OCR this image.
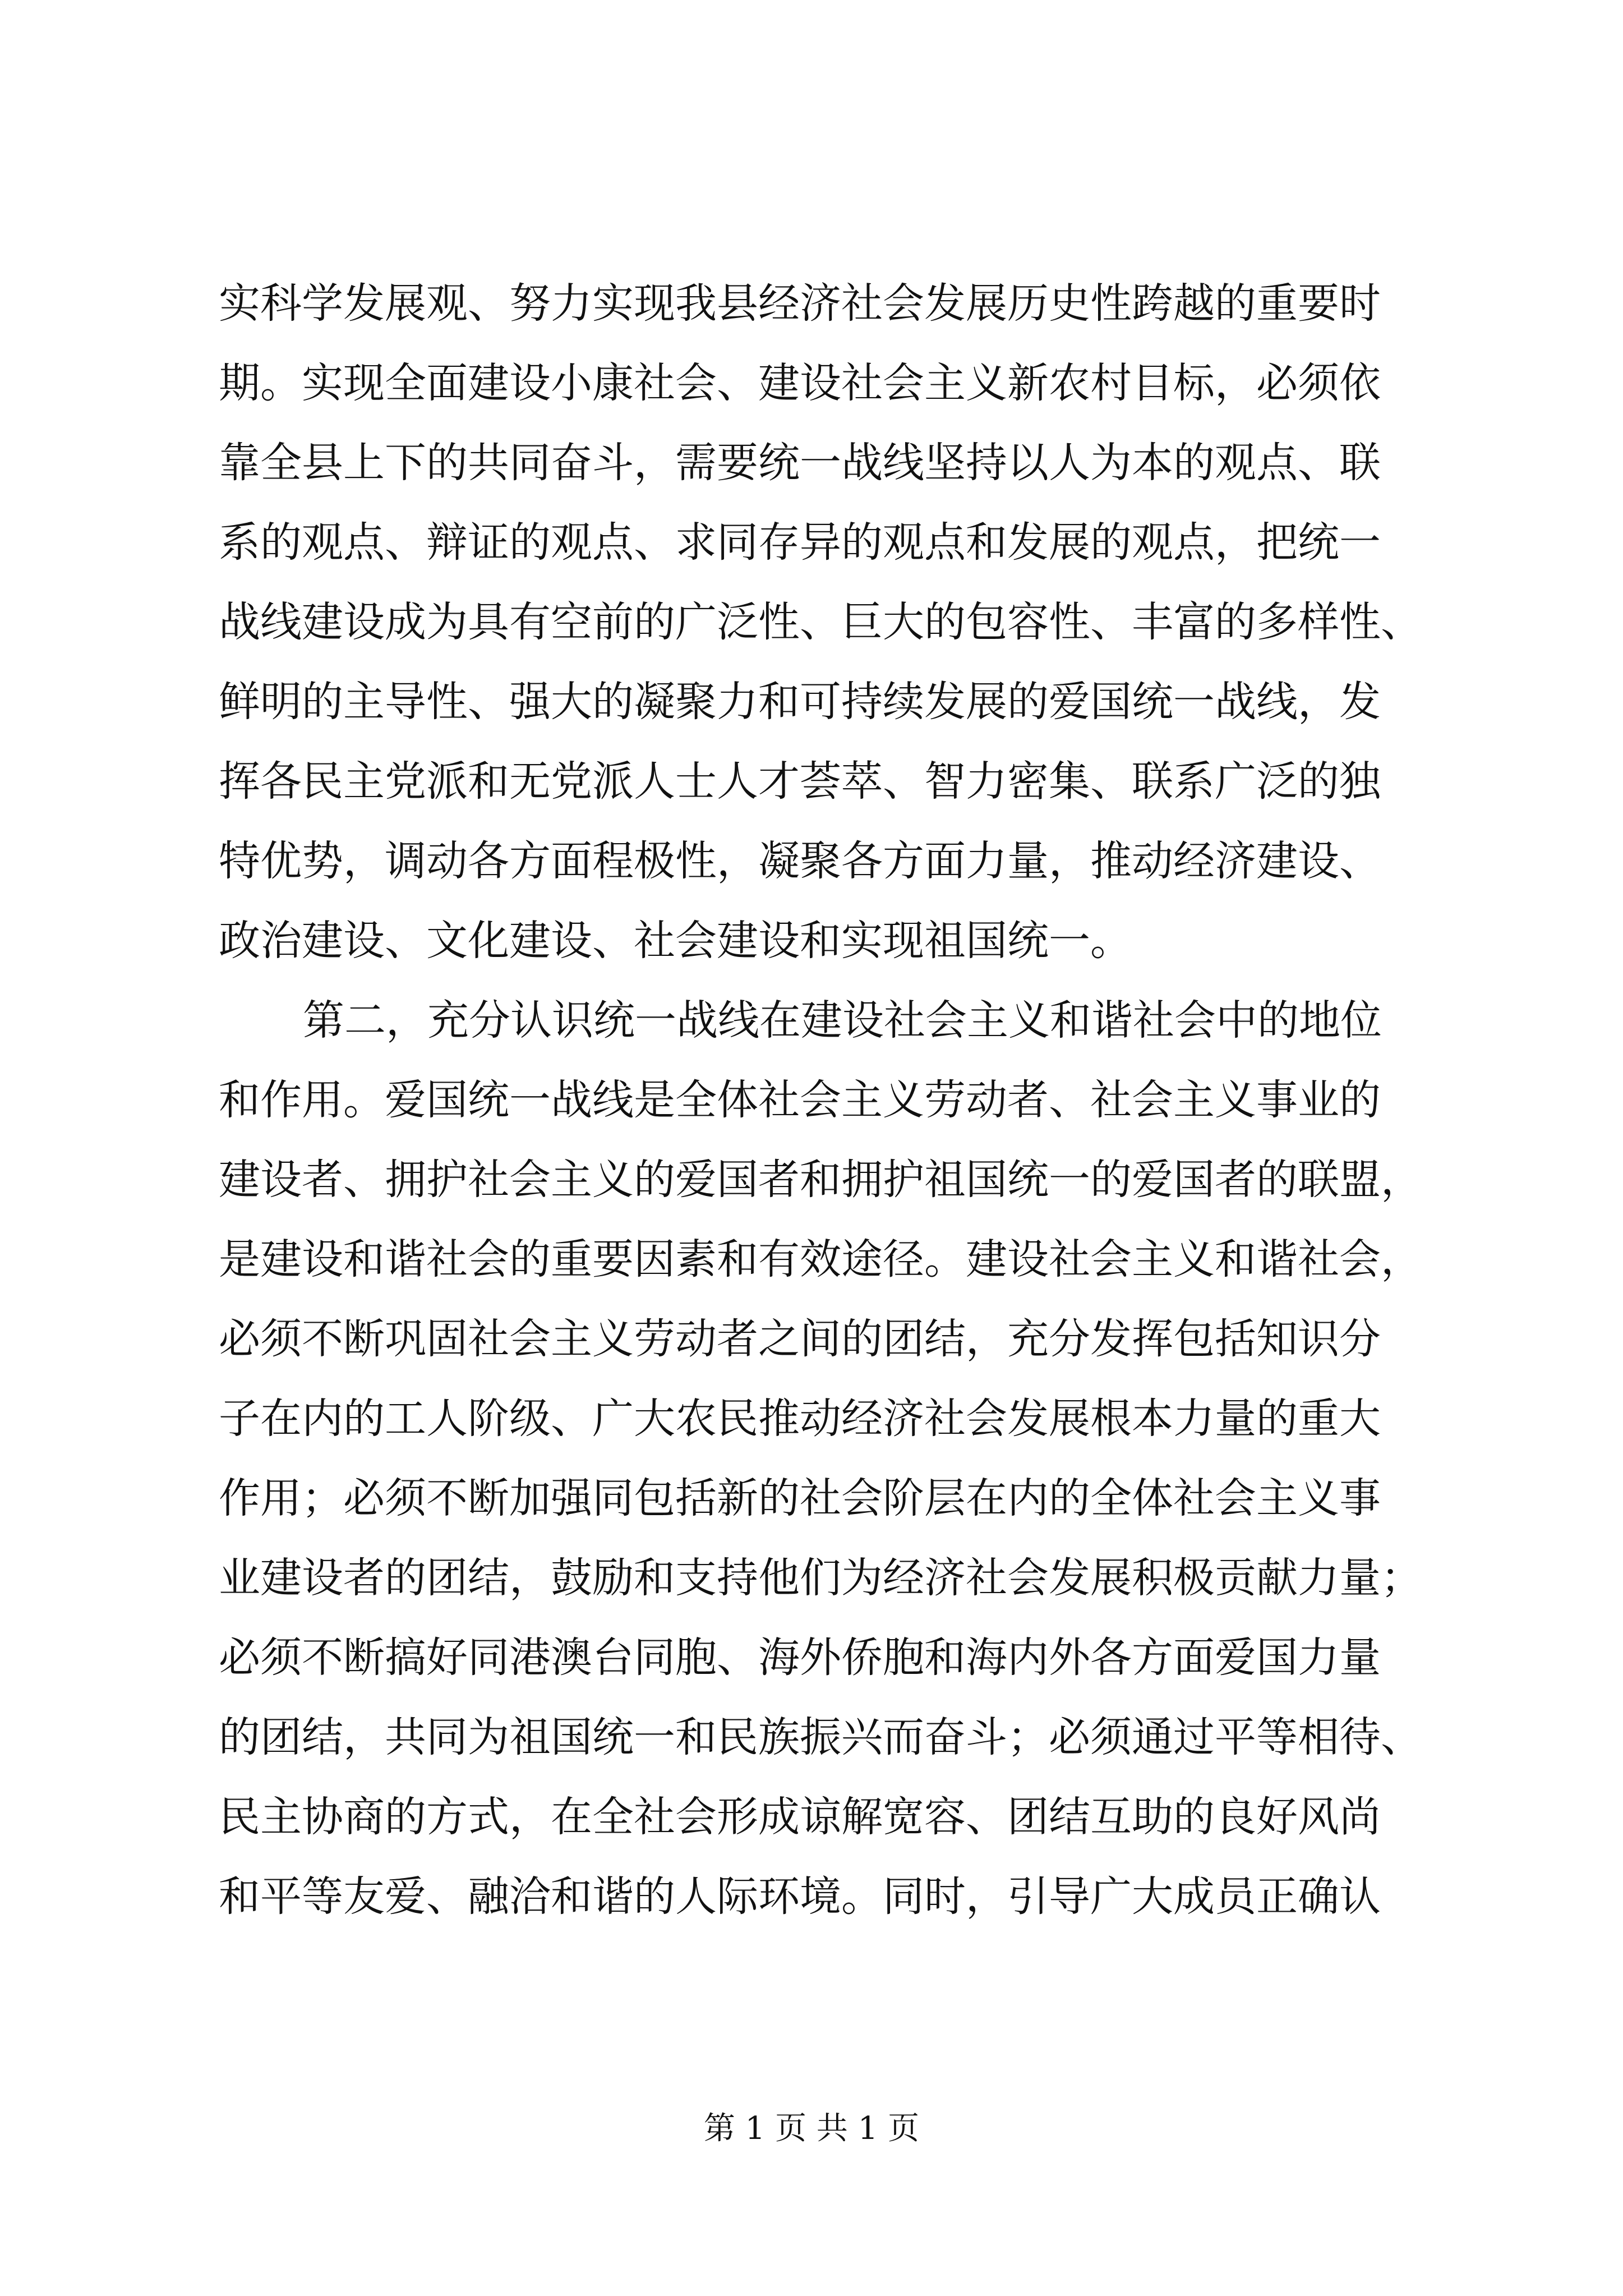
实科学发展观、努力实现我县经济社会发展历史性跨越的重要时
期。实现全面建设小康社会、建设社会主义新农村目标，必须依
靠全县上下的共同奋斗，需要统一战线坚持以人为本的观点、联
系的观点、辩证的观点、求同存异的观点和发展的观点，把统一
战线建设成为具有空前的广泛性、巨大的包容性、丰富的多样性、
鲜明的主导性、强大的凝聚力和可持续发展的爱国统一战线，发
挥各民主党派和无党派人士人才荟萃、智力密集、联系广泛的独
特优势，调动各方面程极性，凝聚各方面力量，推动经济建设、
政治建设、文化建设、社会建设和实现祖国统一。
第二，充分认识统一战线在建设社会主义和谐社会中的地位
和作用。爱国统一战线是全体社会主义劳动者、社会主义事业的
建设者、拥护社会主义的爱国者和拥护祖国统一的爱国者的联盟，
是建设和谐社会的重要因素和有效途径。建设社会主义和谐社会，
必须不断巩固社会主义劳动者之间的团结，充分发挥包括知识分
子在内的工人阶级、广大农民推动经济社会发展根本力量的重大
作用；必须不断加强同包括新的社会阶层在内的全体社会主义事
业建设者的团结，鼓励和支持他们为经济社会发展积极贡献力量；
必须不断搞好同港澳台同胞、海外侨胞和海内外各方面爱国力量
的团结，共同为祖国统一和民族振兴而奋斗；必须通过平等相待、
民主协商的方式，在全社会形成谅解宽容、团结互助的良好风尚
和平等友爱、融洽和谐的人际环境。同时，引导广大成员正确认
第 1 页 共 1 页
